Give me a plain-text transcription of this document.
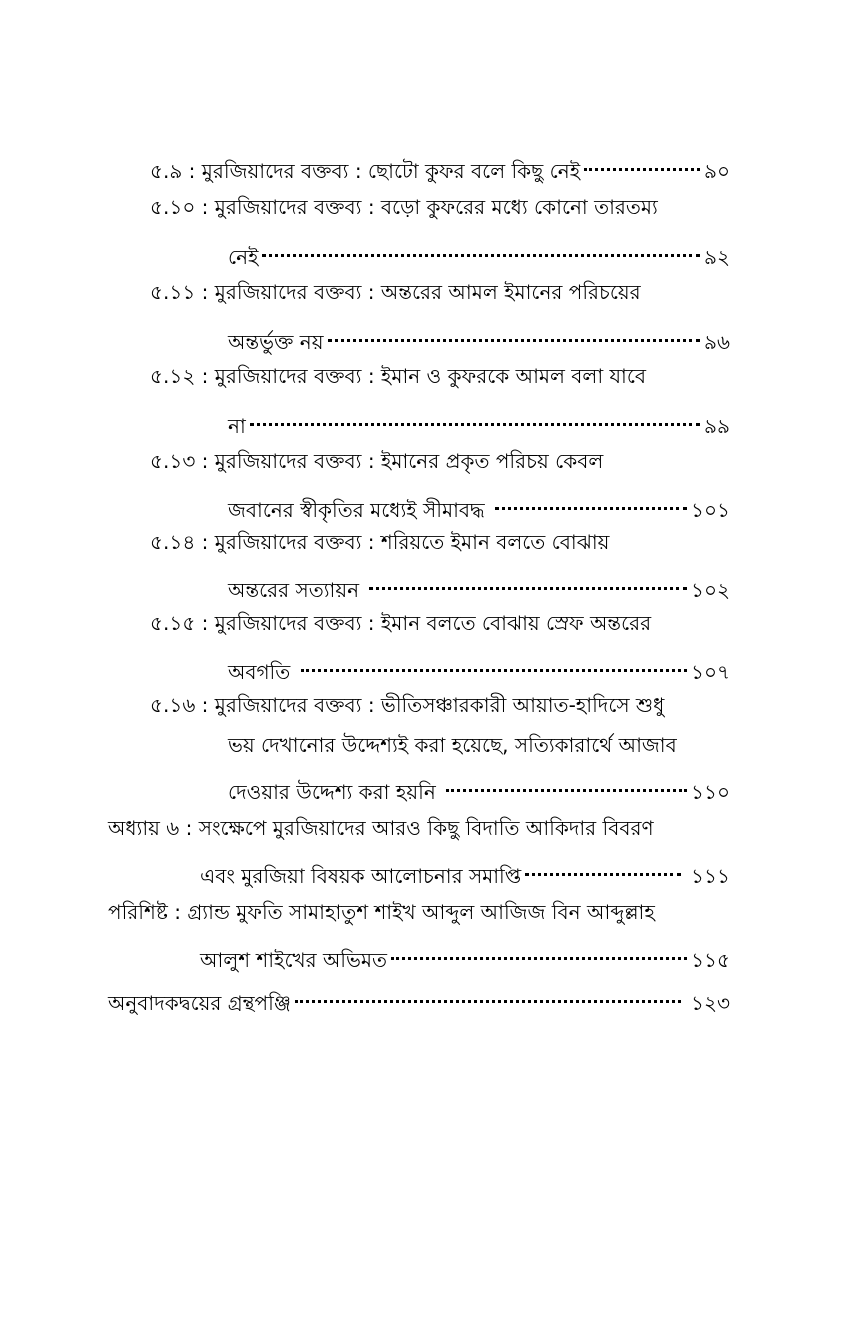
৫.৯ : মুরজিয়াদের বক্তব্য : ছোটো কুফর বলে কিছু নেই	৯০
৫.১০ : মুরজিয়াদের বক্তব্য : বড়ো কুফরের মধ্যে কোনো তারতম্য
নেই	৯২
৫.১১ : মুরজিয়াদের বক্তব্য : অন্তরের আমল ইমানের পরিচয়ের
অন্তর্ভুক্ত নয়	৯৬
৫.১২ : মুরজিয়াদের বক্তব্য : ইমান ও কুফরকে আমল বলা যাবে
না	৯৯
৫.১৩ : মুরজিয়াদের বক্তব্য : ইমানের প্রকৃত পরিচয় কেবল
জবানের স্বীকৃতির মধ্যেই সীমাবদ্ধ	১০১
৫.১৪ : মুরজিয়াদের বক্তব্য : শরিয়তে ইমান বলতে বোঝায়
অন্তরের সত্যায়ন	১০২
৫.১৫ : মুরজিয়াদের বক্তব্য : ইমান বলতে বোঝায় স্রেফ অন্তরের
অবগতি	১০৭
৫.১৬ : মুরজিয়াদের বক্তব্য : ভীতিসঞ্চারকারী আয়াত-হাদিসে শুধু
ভয় দেখানোর উদ্দেশ্যই করা হয়েছে, সত্যিকারার্থে আজাব
দেওয়ার উদ্দেশ্য করা হয়নি	১১০
অধ্যায় ৬ : সংক্ষেপে মুরজিয়াদের আরও কিছু বিদাতি আকিদার বিবরণ
এবং মুরজিয়া বিষয়ক আলোচনার সমাপ্তি	১১১
পরিশিষ্ট : গ্র্যান্ড মুফতি সামাহাতুশ শাইখ আব্দুল আজিজ বিন আব্দুল্লাহ
আলুশ শাইখের অভিমত	১১৫
অনুবাদকদ্বয়ের গ্রন্থপঞ্জি	১২৩
